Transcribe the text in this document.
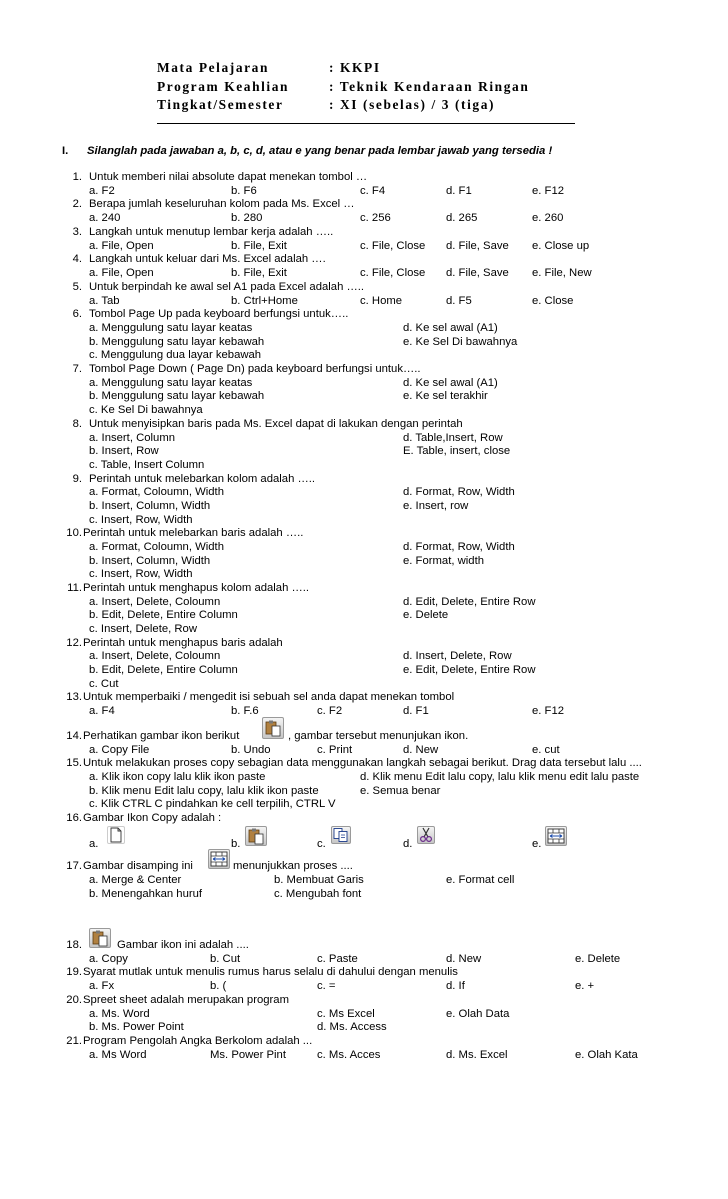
Mata Pelajaran	: KKPI
Program Keahlian	: Teknik Kendaraan Ringan
Tingkat/Semester	: XI (sebelas) / 3 (tiga)
I. Silanglah pada jawaban a, b, c, d, atau e yang benar pada lembar jawab yang tersedia !
1. Untuk memberi nilai absolute dapat menekan tombol …
a. F2	b. F6	c. F4	d. F1	e. F12
2. Berapa jumlah keseluruhan kolom pada Ms. Excel …
a. 240	b. 280	c. 256	d. 265	e. 260
3. Langkah untuk menutup lembar kerja adalah …..
a. File, Open	b. File, Exit	c. File, Close d. File, Save e. Close up
4. Langkah untuk keluar dari Ms. Excel adalah ….
a. File, Open	b. File, Exit	c. File, Close d. File, Save e. File, New
5. Untuk berpindah ke awal sel A1 pada Excel adalah …..
a. Tab	b. Ctrl+Home	c. Home	d. F5	e. Close
6. Tombol Page Up pada keyboard berfungsi untuk…..
a. Menggulung satu layar keatas	d. Ke sel awal (A1)
b. Menggulung satu layar kebawah	e. Ke Sel Di bawahnya
c. Menggulung dua layar kebawah
7. Tombol Page Down ( Page Dn) pada keyboard berfungsi untuk…..
a. Menggulung satu layar keatas	d. Ke sel awal (A1)
b. Menggulung satu layar kebawah	e. Ke sel terakhir
c. Ke Sel Di bawahnya
8. Untuk menyisipkan baris pada Ms. Excel dapat di lakukan dengan perintah
a. Insert, Column	d. Table,Insert, Row
b. Insert, Row	E. Table, insert, close
c. Table, Insert Column
9. Perintah untuk melebarkan kolom adalah …..
a. Format, Coloumn, Width	d. Format, Row, Width
b. Insert, Column, Width	e. Insert, row
c. Insert, Row, Width
10. Perintah untuk melebarkan baris adalah …..
a. Format, Coloumn, Width	d. Format, Row, Width
b. Insert, Column, Width	e. Format, width
c. Insert, Row, Width
11. Perintah untuk menghapus kolom adalah …..
a. Insert, Delete, Coloumn	d. Edit, Delete, Entire Row
b. Edit, Delete, Entire Column	e. Delete
c. Insert, Delete, Row
12. Perintah untuk menghapus baris adalah
a. Insert, Delete, Coloumn	d. Insert, Delete, Row
b. Edit, Delete, Entire Column	e. Edit, Delete, Entire Row
c. Cut
13. Untuk memperbaiki / mengedit isi sebuah sel anda dapat menekan tombol
a. F4	b. F.6	c. F2	d. F1	e. F12
14. Perhatikan gambar ikon berikut	, gambar tersebut menunjukan ikon.
a. Copy File	b. Undo	c. Print	d. New	e. cut
15. Untuk melakukan proses copy sebagian data menggunakan langkah sebagai berikut. Drag data tersebut lalu ....
a. Klik ikon copy lalu klik ikon paste	d. Klik menu Edit lalu copy, lalu klik menu edit lalu paste
b. Klik menu Edit lalu copy, lalu klik ikon paste	e. Semua benar
c. Klik CTRL C pindahkan ke cell terpilih, CTRL V
16. Gambar Ikon Copy adalah :
a.	b.	c.	d.	e.
17. Gambar disamping ini	menunjukkan proses ....
a. Merge & Center	b. Membuat Garis	e. Format cell
b. Menengahkan huruf	c. Mengubah font
18.	Gambar ikon ini adalah ....
a. Copy	b. Cut	c. Paste	d. New	e. Delete
19. Syarat mutlak untuk menulis rumus harus selalu di dahului dengan menulis
a. Fx	b. (	c. =	d. If	e. +
20. Spreet sheet adalah merupakan program
a. Ms. Word	c. Ms Excel	e. Olah Data
b. Ms. Power Point	d. Ms. Access
21. Program Pengolah Angka Berkolom adalah ...
a. Ms Word	Ms. Power Pint	c. Ms. Acces	d. Ms. Excel	e. Olah Kata
